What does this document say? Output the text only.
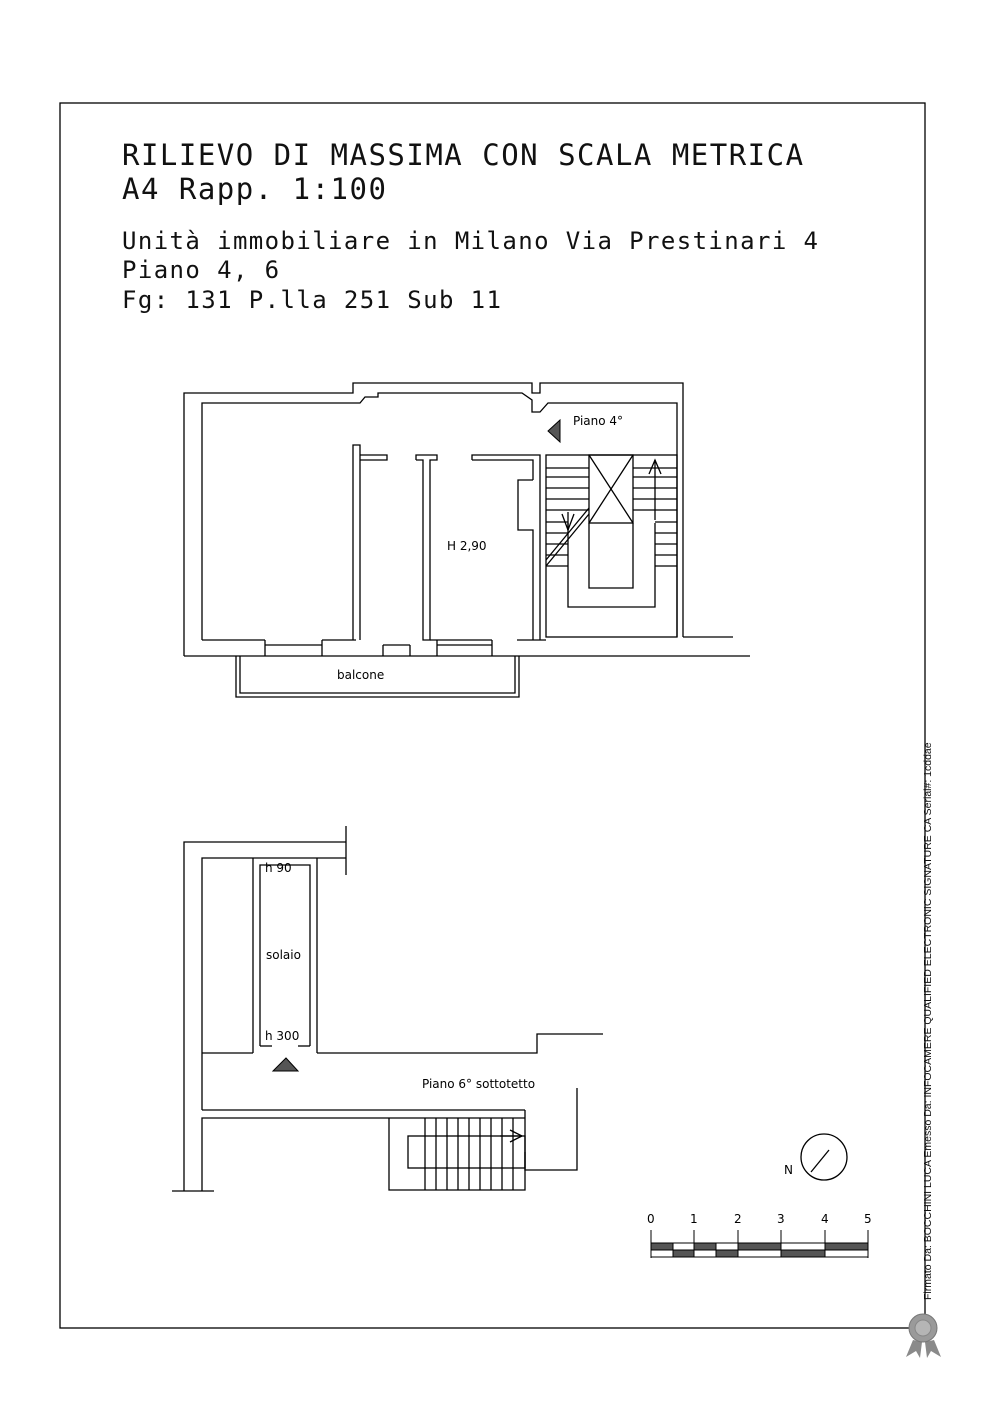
RILIEVO DI MASSIMA CON SCALA METRICA
A4 Rapp. 1:100
Unità immobiliare in Milano Via Prestinari 4
Piano 4, 6
Fg: 131 P.lla 251 Sub 11
Piano 4°
H 2,90
balcone
h 90
solaio
h 300
Piano 6° sottotetto
N
0	1	2	3	4	5	Firmato Da: BOCCHINI LUCA Emesso Da: INFOCAMERE QUALIFIED ELECTRONIC SIGNATURE CA Serial#: 1cddae
